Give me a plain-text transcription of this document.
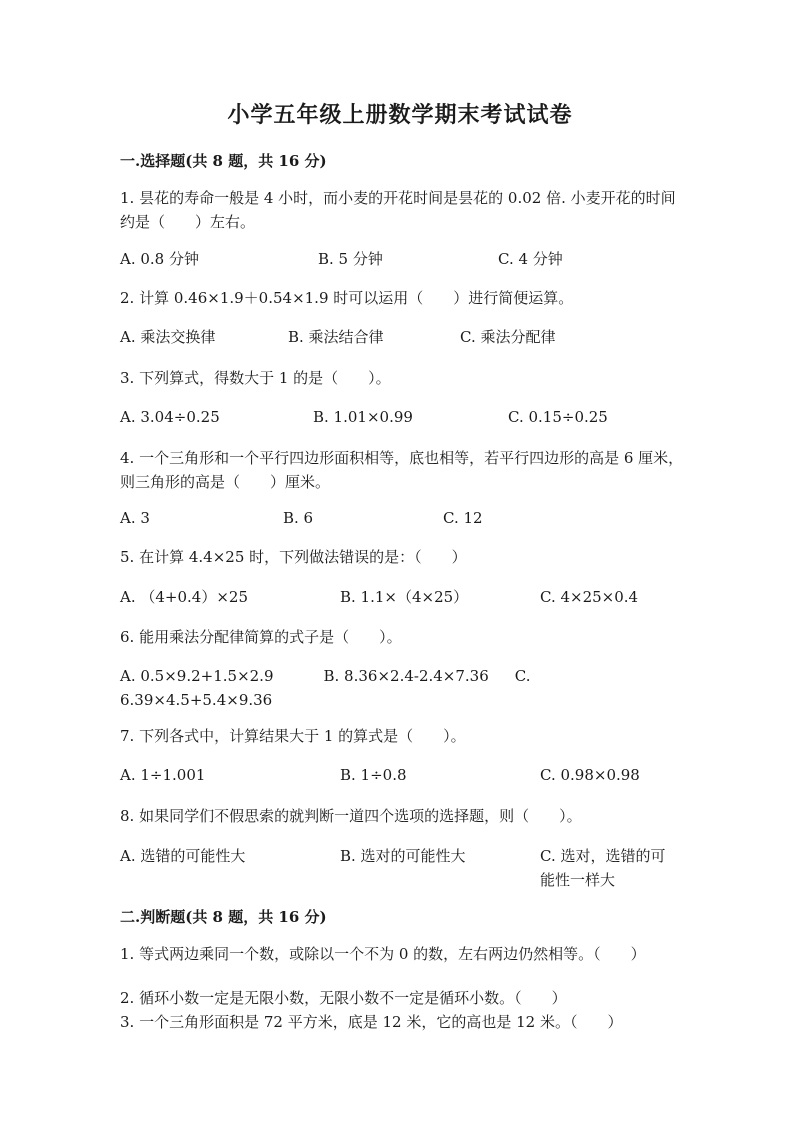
小学五年级上册数学期末考试试卷
一.选择题(共 8 题，共 16 分)
1. 昙花的寿命一般是 4 小时，而小麦的开花时间是昙花的 0.02 倍. 小麦开花的时间约是（　　）左右。
A. 0.8 分钟	B. 5 分钟	C. 4 分钟
2. 计算 0.46×1.9＋0.54×1.9 时可以运用（　　）进行简便运算。
A. 乘法交换律	B. 乘法结合律	C. 乘法分配律
3. 下列算式，得数大于 1 的是（　　）。
A. 3.04÷0.25	B. 1.01×0.99	C. 0.15÷0.25
4. 一个三角形和一个平行四边形面积相等，底也相等，若平行四边形的高是 6 厘米，则三角形的高是（　　）厘米。
A. 3	B. 6	C. 12
5. 在计算 4.4×25 时，下列做法错误的是：（　　）
A. （4+0.4）×25	B. 1.1×（4×25）	C. 4×25×0.4
6. 能用乘法分配律简算的式子是（　　）。
A. 0.5×9.2+1.5×2.9	B. 8.36×2.4-2.4×7.36 C. 6.39×4.5+5.4×9.36
7. 下列各式中，计算结果大于 1 的算式是（　　）。
A. 1÷1.001	B. 1÷0.8	C. 0.98×0.98
8. 如果同学们不假思索的就判断一道四个选项的选择题，则（　　）。
A. 选错的可能性大	B. 选对的可能性大	C. 选对，选错的可能性一样大
二.判断题(共 8 题，共 16 分)
1. 等式两边乘同一个数，或除以一个不为 0 的数，左右两边仍然相等。（　　）
2. 循环小数一定是无限小数，无限小数不一定是循环小数。（　　）
3. 一个三角形面积是 72 平方米，底是 12 米，它的高也是 12 米。（　　）
